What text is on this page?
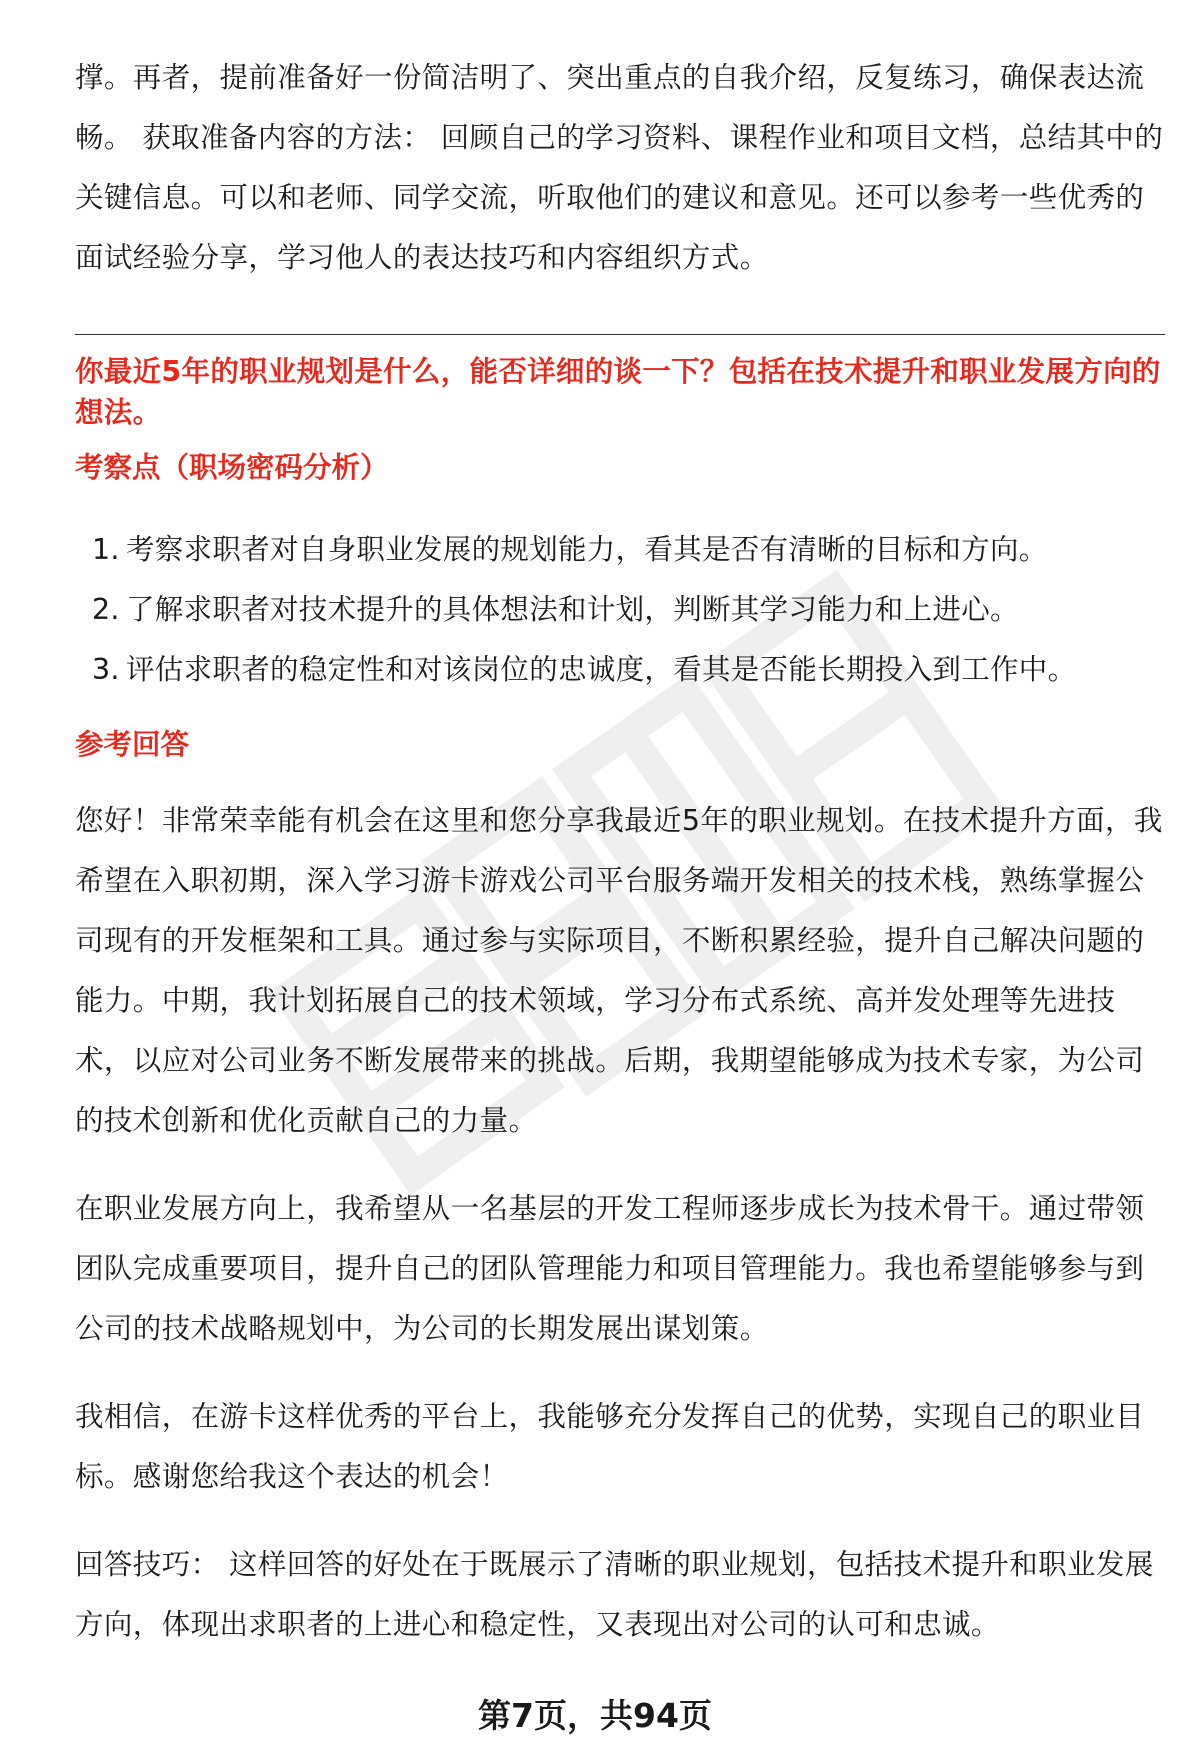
撑。再者，提前准备好一份简洁明了、突出重点的自我介绍，反复练习，确保表达流畅。 获取准备内容的方法： 回顾自己的学习资料、课程作业和项目文档，总结其中的关键信息。可以和老师、同学交流，听取他们的建议和意见。还可以参考一些优秀的面试经验分享，学习他人的表达技巧和内容组织方式。

你最近5年的职业规划是什么，能否详细的谈一下？包括在技术提升和职业发展方向的想法。

考察点（职场密码分析）

1. 考察求职者对自身职业发展的规划能力，看其是否有清晰的目标和方向。
2. 了解求职者对技术提升的具体想法和计划，判断其学习能力和上进心。
3. 评估求职者的稳定性和对该岗位的忠诚度，看其是否能长期投入到工作中。

参考回答

您好！非常荣幸能有机会在这里和您分享我最近5年的职业规划。在技术提升方面，我希望在入职初期，深入学习游卡游戏公司平台服务端开发相关的技术栈，熟练掌握公司现有的开发框架和工具。通过参与实际项目，不断积累经验，提升自己解决问题的能力。中期，我计划拓展自己的技术领域，学习分布式系统、高并发处理等先进技术，以应对公司业务不断发展带来的挑战。后期，我期望能够成为技术专家，为公司的技术创新和优化贡献自己的力量。

在职业发展方向上，我希望从一名基层的开发工程师逐步成长为技术骨干。通过带领团队完成重要项目，提升自己的团队管理能力和项目管理能力。我也希望能够参与到公司的技术战略规划中，为公司的长期发展出谋划策。

我相信，在游卡这样优秀的平台上，我能够充分发挥自己的优势，实现自己的职业目标。感谢您给我这个表达的机会！

回答技巧： 这样回答的好处在于既展示了清晰的职业规划，包括技术提升和职业发展方向，体现出求职者的上进心和稳定性，又表现出对公司的认可和忠诚。

第7页，共94页
